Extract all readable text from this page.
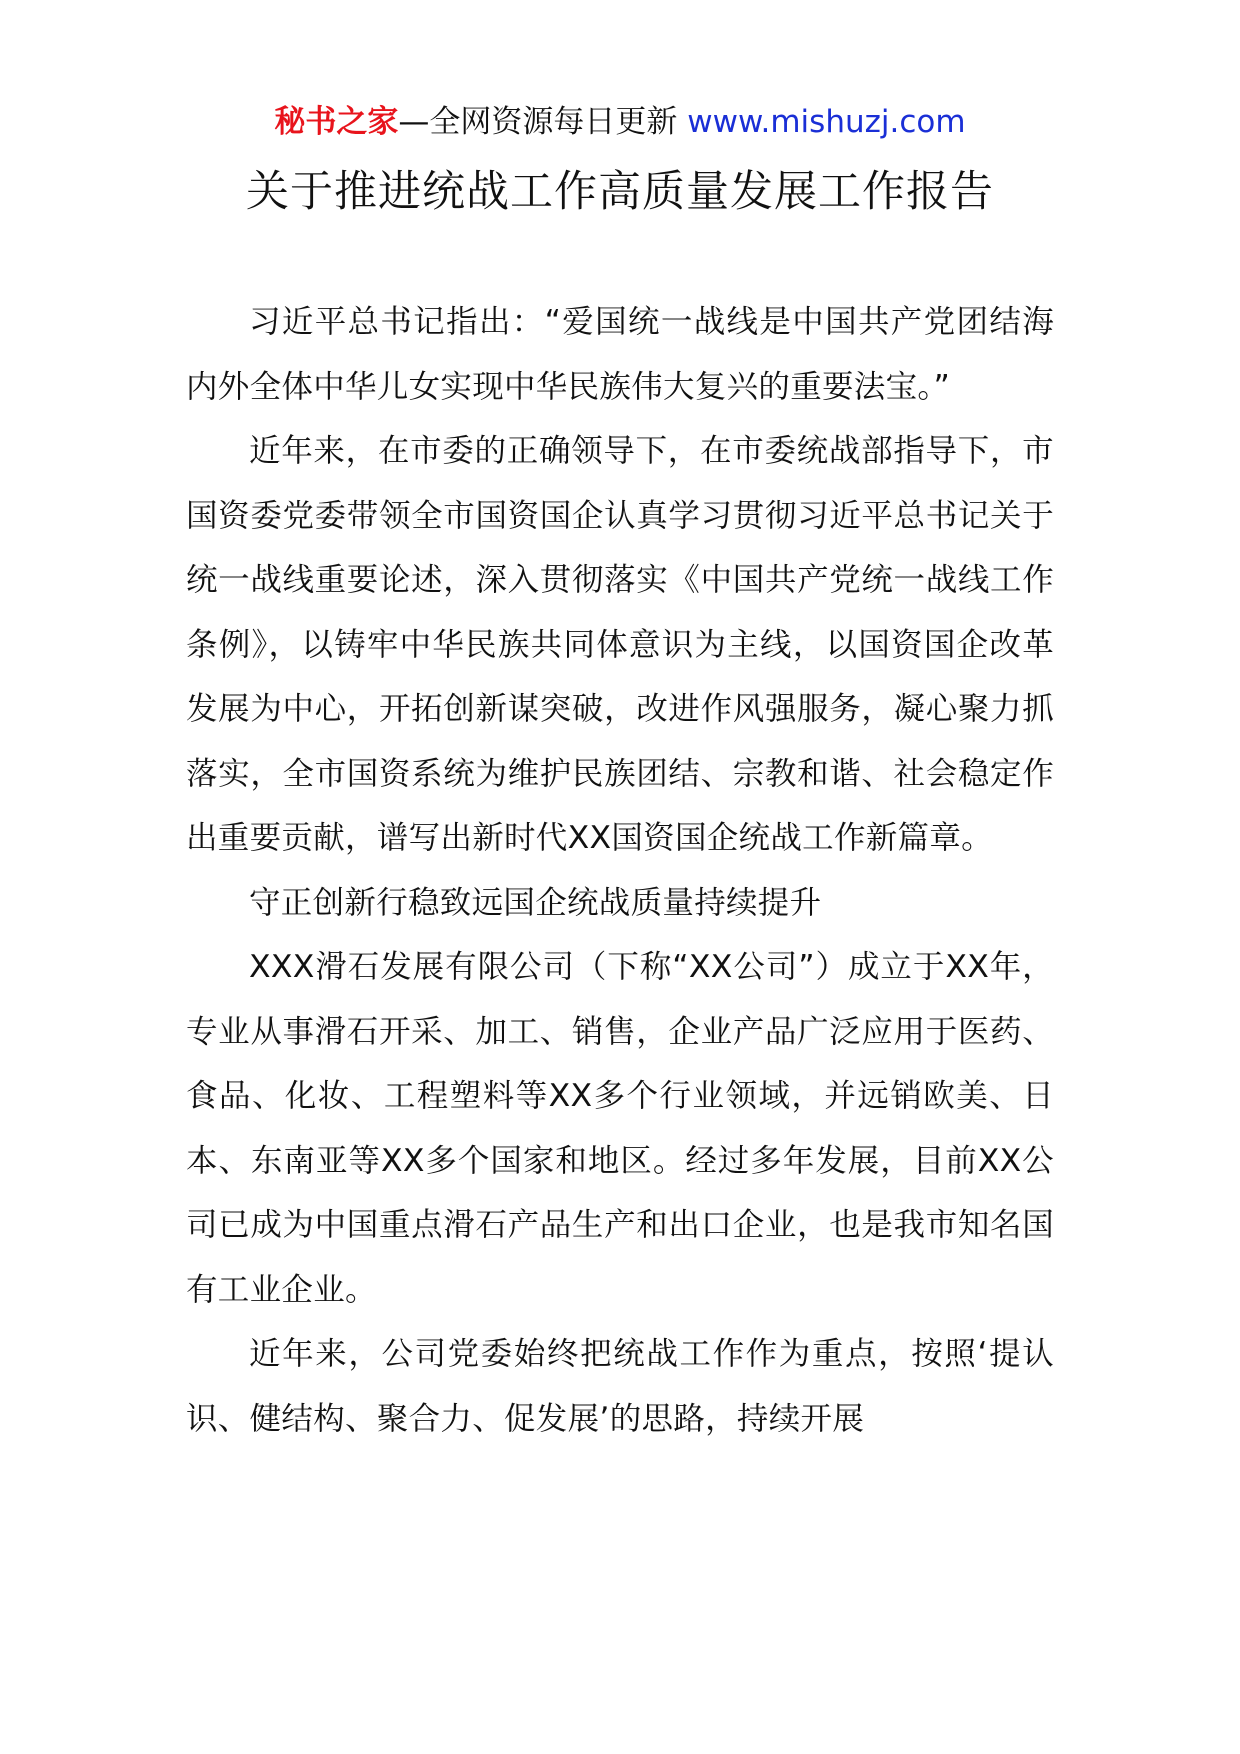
秘书之家—全网资源每日更新 www.mishuzj.com
关于推进统战工作高质量发展工作报告

习近平总书记指出：“爱国统一战线是中国共产党团结海内外全体中华儿女实现中华民族伟大复兴的重要法宝。”

近年来，在市委的正确领导下，在市委统战部指导下，市国资委党委带领全市国资国企认真学习贯彻习近平总书记关于统一战线重要论述，深入贯彻落实《中国共产党统一战线工作条例》，以铸牢中华民族共同体意识为主线，以国资国企改革发展为中心，开拓创新谋突破，改进作风强服务，凝心聚力抓落实，全市国资系统为维护民族团结、宗教和谐、社会稳定作出重要贡献，谱写出新时代XX国资国企统战工作新篇章。

守正创新行稳致远国企统战质量持续提升

XXX滑石发展有限公司（下称“XX公司”）成立于XX年，专业从事滑石开采、加工、销售，企业产品广泛应用于医药、食品、化妆、工程塑料等XX多个行业领域，并远销欧美、日本、东南亚等XX多个国家和地区。经过多年发展，目前XX公司已成为中国重点滑石产品生产和出口企业，也是我市知名国有工业企业。

近年来，公司党委始终把统战工作作为重点，按照‘提认识、健结构、聚合力、促发展’的思路，持续开展
